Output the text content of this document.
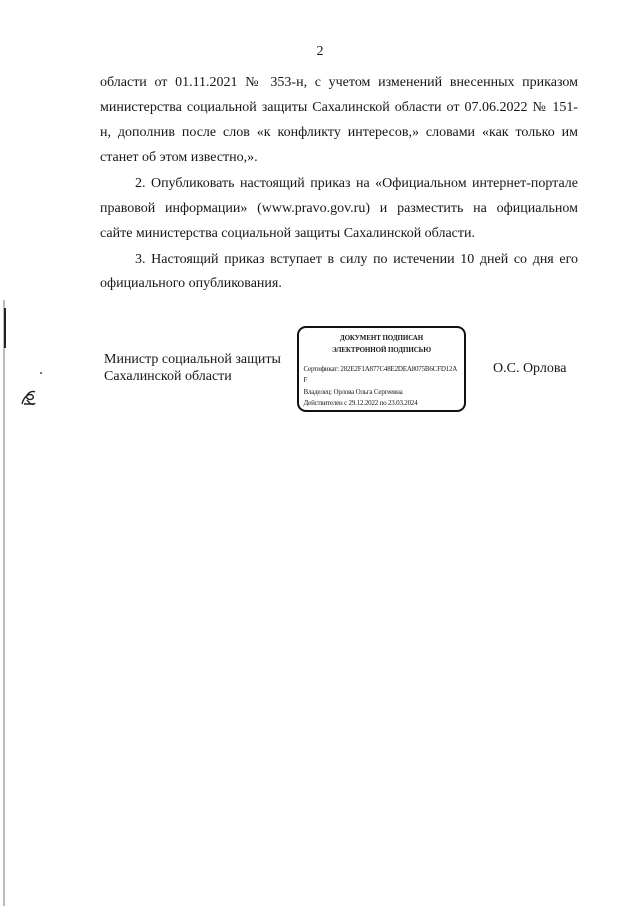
2
области от 01.11.2021 № 353-н, с учетом изменений внесенных приказом
министерства социальной защиты Сахалинской области от 07.06.2022 № 151-
н, дополнив после слов «к конфликту интересов,» словами «как только им
станет об этом известно,».
2. Опубликовать настоящий приказ на «Официальном интернет-портале
правовой информации» (www.pravo.gov.ru) и разместить на официальном
сайте министерства социальной защиты Сахалинской области.
3. Настоящий приказ вступает в силу по истечении 10 дней со дня его
официального опубликования.
Министр социальной защиты
Сахалинской области
ДОКУМЕНТ ПОДПИСАН
ЭЛЕКТРОННОЙ ПОДПИСЬЮ
Сертификат: 282E2F1A877C48E2DEA8075B6CFD12A
F
Владелец: Орлова Ольга Сергеевна
Действителен с 29.12.2022 по 23.03.2024
О.С. Орлова
